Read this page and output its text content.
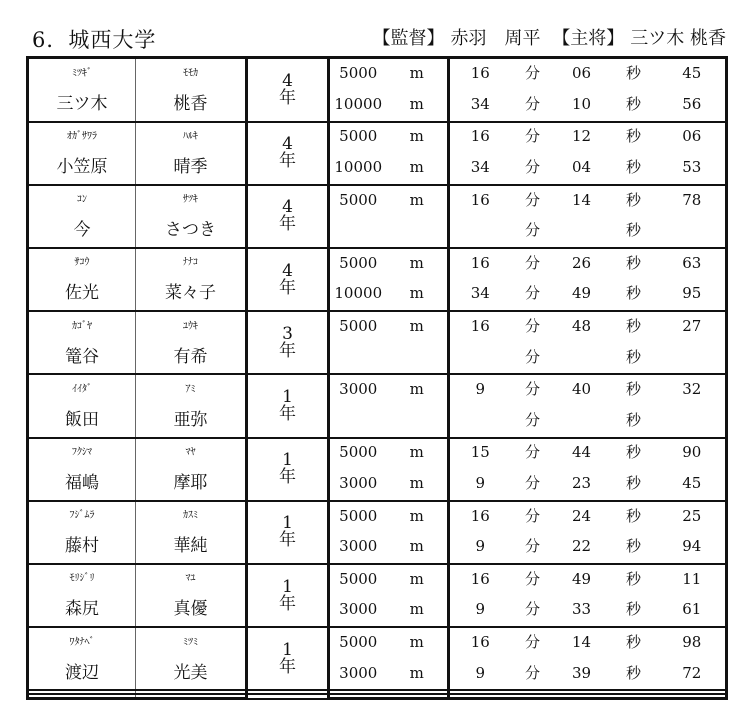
6．城西大学	【監督】 赤羽　周平 【主将】 三ツ木 桃香
ﾐﾂｷﾞ	ﾓﾓｶ	4年	5000	m	16	分	06	秒	45
三ツ木	桃香		10000	m	34	分	10	秒	56
ｵｶﾞｻﾜﾗ	ﾊﾙｷ	4年	5000	m	16	分	12	秒	06
小笠原	晴季		10000	m	34	分	04	秒	53
ｺﾝ	ｻﾂｷ	4年	5000	m	16	分	14	秒	78
今	さつき					分		秒	
ｻｺｳ	ﾅﾅｺ	4年	5000	m	16	分	26	秒	63
佐光	菜々子		10000	m	34	分	49	秒	95
ｶｺﾞﾔ	ﾕｳｷ	3年	5000	m	16	分	48	秒	27
篭谷	有希					分		秒	
ｲｲﾀﾞ	ｱﾐ	1年	3000	m	9	分	40	秒	32
飯田	亜弥					分		秒	
ﾌｸｼﾏ	ﾏﾔ	1年	5000	m	15	分	44	秒	90
福嶋	摩耶		3000	m	9	分	23	秒	45
ﾌｼﾞﾑﾗ	ｶｽﾐ	1年	5000	m	16	分	24	秒	25
藤村	華純		3000	m	9	分	22	秒	94
ﾓﾘｼﾞﾘ	ﾏﾕ	1年	5000	m	16	分	49	秒	11
森尻	真優		3000	m	9	分	33	秒	61
ﾜﾀﾅﾍﾞ	ﾐﾂﾐ	1年	5000	m	16	分	14	秒	98
渡辺	光美		3000	m	9	分	39	秒	72
